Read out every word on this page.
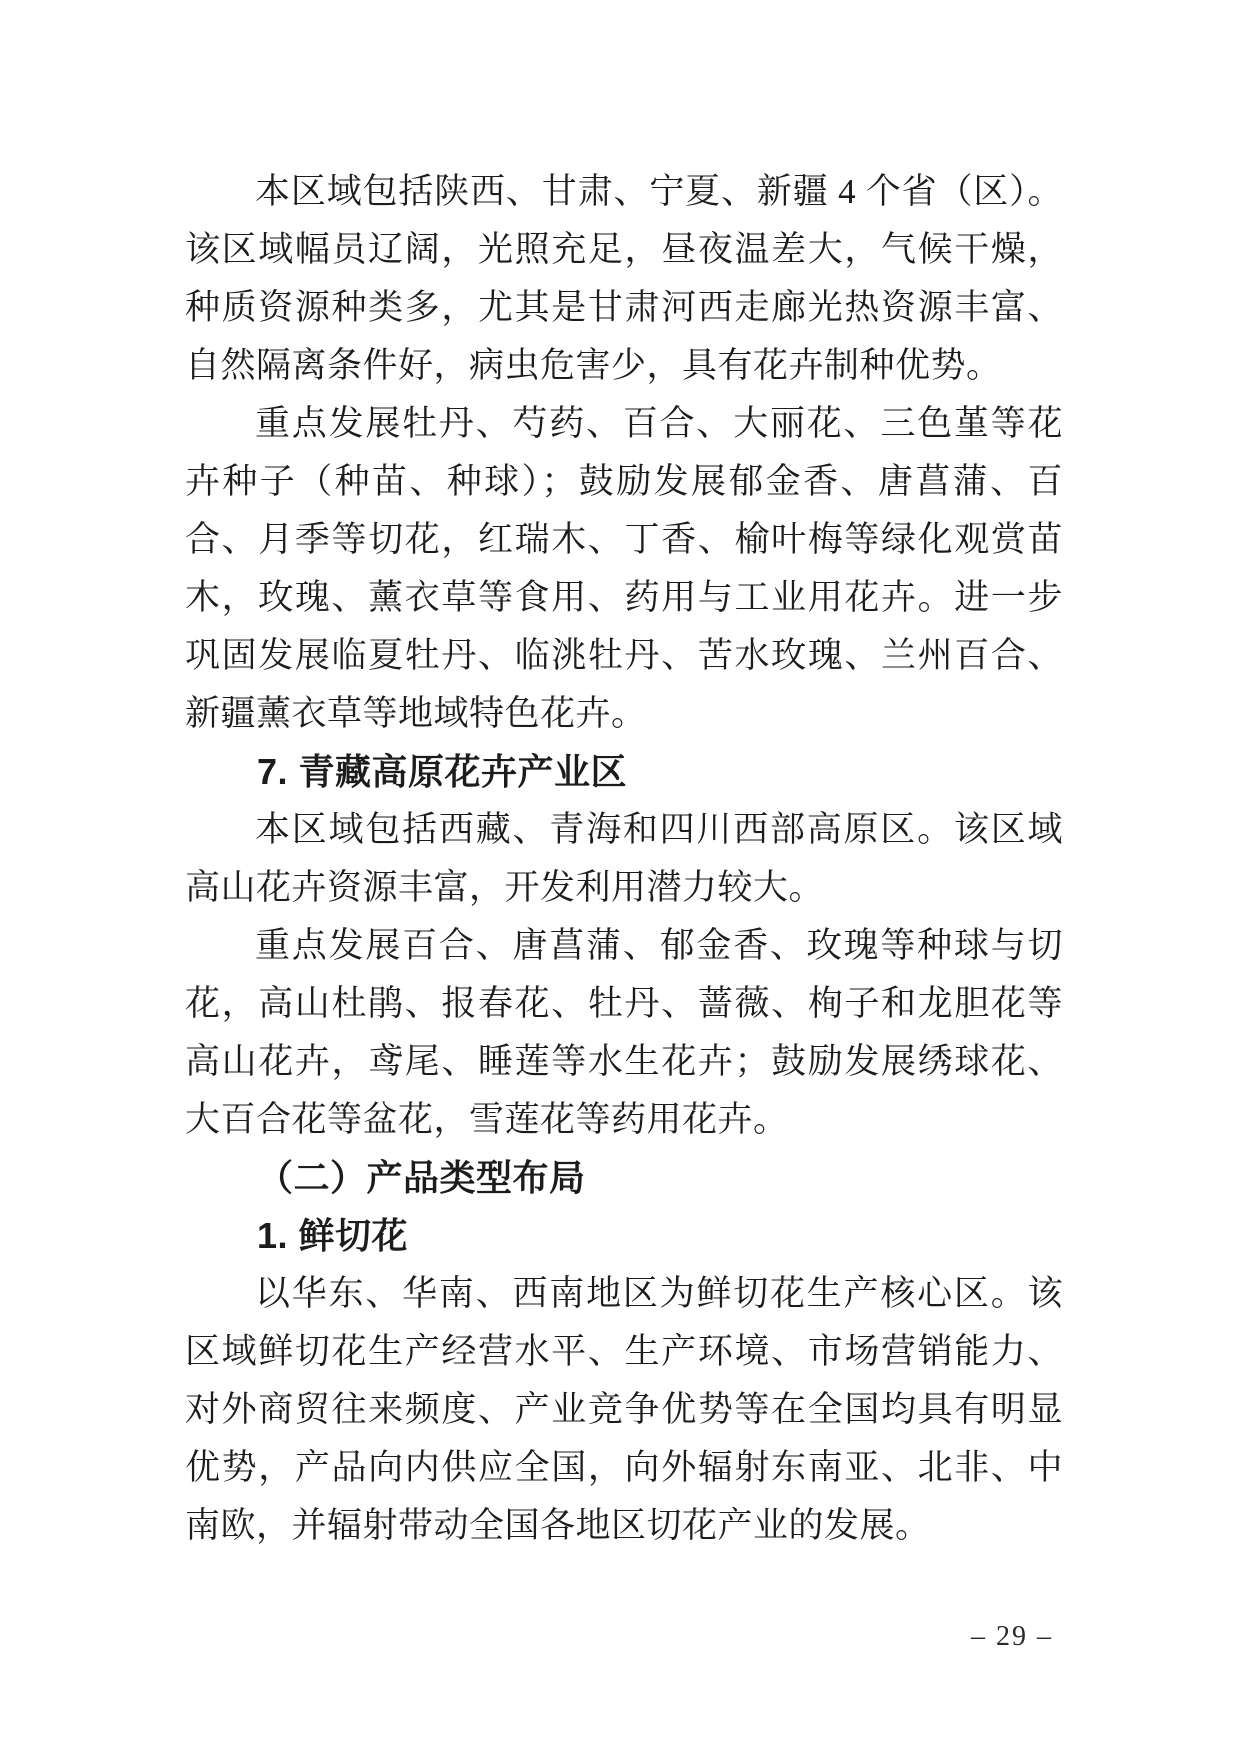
本区域包括陕西、甘肃、宁夏、新疆 4 个省（区）。该区域幅员辽阔，光照充足，昼夜温差大，气候干燥，种质资源种类多，尤其是甘肃河西走廊光热资源丰富、自然隔离条件好，病虫危害少，具有花卉制种优势。

重点发展牡丹、芍药、百合、大丽花、三色堇等花卉种子（种苗、种球）；鼓励发展郁金香、唐菖蒲、百合、月季等切花，红瑞木、丁香、榆叶梅等绿化观赏苗木，玫瑰、薰衣草等食用、药用与工业用花卉。进一步巩固发展临夏牡丹、临洮牡丹、苦水玫瑰、兰州百合、新疆薰衣草等地域特色花卉。

7. 青藏高原花卉产业区

本区域包括西藏、青海和四川西部高原区。该区域高山花卉资源丰富，开发利用潜力较大。

重点发展百合、唐菖蒲、郁金香、玫瑰等种球与切花，高山杜鹃、报春花、牡丹、蔷薇、栒子和龙胆花等高山花卉，鸢尾、睡莲等水生花卉；鼓励发展绣球花、大百合花等盆花，雪莲花等药用花卉。

（二）产品类型布局
1. 鲜切花

以华东、华南、西南地区为鲜切花生产核心区。该区域鲜切花生产经营水平、生产环境、市场营销能力、对外商贸往来频度、产业竞争优势等在全国均具有明显优势，产品向内供应全国，向外辐射东南亚、北非、中南欧，并辐射带动全国各地区切花产业的发展。

– 29 –
